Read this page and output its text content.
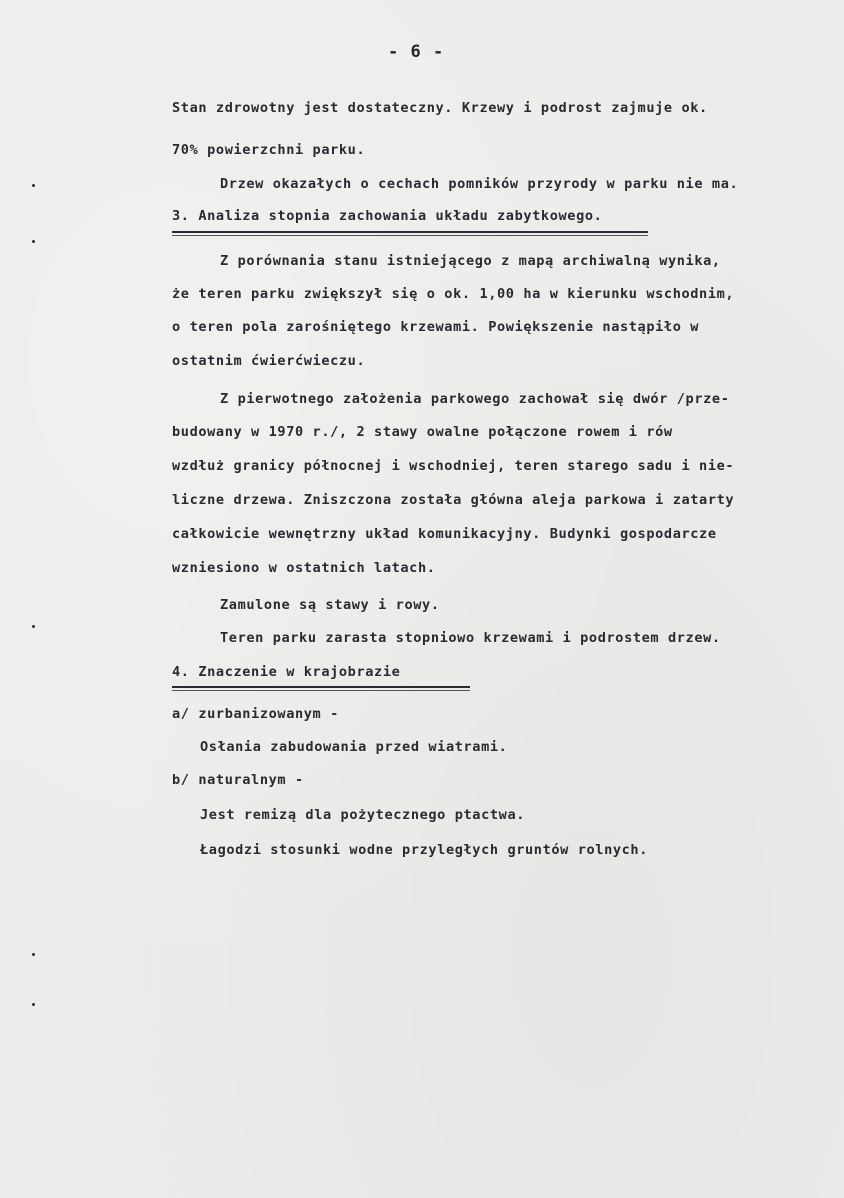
- 6 -
Stan zdrowotny jest dostateczny. Krzewy i podrost zajmuje ok.
70% powierzchni parku.
Drzew okazałych o cechach pomników przyrody w parku nie ma.
3. Analiza stopnia zachowania układu zabytkowego.
Z porównania stanu istniejącego z mapą archiwalną wynika,
że teren parku zwiększył się o ok. 1,00 ha w kierunku wschodnim,
o teren pola zarośniętego krzewami. Powiększenie nastąpiło w
ostatnim ćwierćwieczu.
Z pierwotnego założenia parkowego zachował się dwór /prze-
budowany w 1970 r./, 2 stawy owalne połączone rowem i rów
wzdłuż granicy północnej i wschodniej, teren starego sadu i nie-
liczne drzewa. Zniszczona została główna aleja parkowa i zatarty
całkowicie wewnętrzny układ komunikacyjny. Budynki gospodarcze
wzniesiono w ostatnich latach.
Zamulone są stawy i rowy.
Teren parku zarasta stopniowo krzewami i podrostem drzew.
4. Znaczenie w krajobrazie
a/ zurbanizowanym -
Osłania zabudowania przed wiatrami.
b/ naturalnym -
Jest remizą dla pożytecznego ptactwa.
Łagodzi stosunki wodne przyległych gruntów rolnych.
